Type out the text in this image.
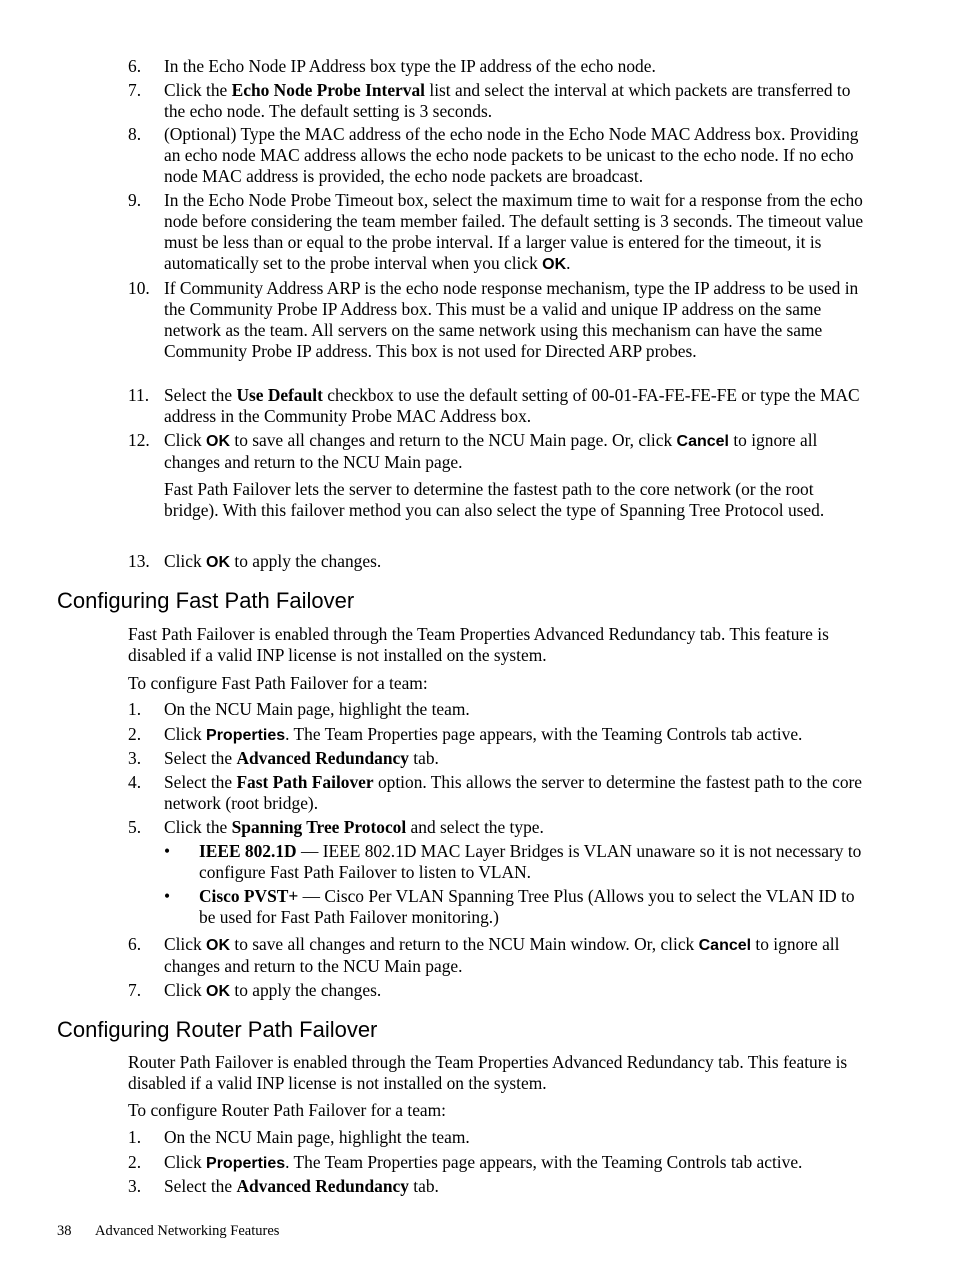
6.	In the Echo Node IP Address box type the IP address of the echo node.
7.	Click the Echo Node Probe Interval list and select the interval at which packets are transferred to the echo node. The default setting is 3 seconds.
8.	(Optional) Type the MAC address of the echo node in the Echo Node MAC Address box. Providing an echo node MAC address allows the echo node packets to be unicast to the echo node. If no echo node MAC address is provided, the echo node packets are broadcast.
9.	In the Echo Node Probe Timeout box, select the maximum time to wait for a response from the echo node before considering the team member failed. The default setting is 3 seconds. The timeout value must be less than or equal to the probe interval. If a larger value is entered for the timeout, it is automatically set to the probe interval when you click OK.
10. If Community Address ARP is the echo node response mechanism, type the IP address to be used in the Community Probe IP Address box. This must be a valid and unique IP address on the same network as the team. All servers on the same network using this mechanism can have the same Community Probe IP address. This box is not used for Directed ARP probes.
11. Select the Use Default checkbox to use the default setting of 00-01-FA-FE-FE-FE or type the MAC address in the Community Probe MAC Address box.
12. Click OK to save all changes and return to the NCU Main page. Or, click Cancel to ignore all changes and return to the NCU Main page.

Fast Path Failover lets the server to determine the fastest path to the core network (or the root bridge). With this failover method you can also select the type of Spanning Tree Protocol used.

13. Click OK to apply the changes.
Configuring Fast Path Failover

Fast Path Failover is enabled through the Team Properties Advanced Redundancy tab. This feature is disabled if a valid INP license is not installed on the system.

To configure Fast Path Failover for a team:

1.	On the NCU Main page, highlight the team.
2.	Click Properties. The Team Properties page appears, with the Teaming Controls tab active.
3.	Select the Advanced Redundancy tab.
4.	Select the Fast Path Failover option. This allows the server to determine the fastest path to the core network (root bridge).
5.	Click the Spanning Tree Protocol and select the type.
• IEEE 802.1D — IEEE 802.1D MAC Layer Bridges is VLAN unaware so it is not necessary to configure Fast Path Failover to listen to VLAN.
• Cisco PVST+ — Cisco Per VLAN Spanning Tree Plus (Allows you to select the VLAN ID to be used for Fast Path Failover monitoring.)
6.	Click OK to save all changes and return to the NCU Main window. Or, click Cancel to ignore all changes and return to the NCU Main page.
7.	Click OK to apply the changes.
Configuring Router Path Failover

Router Path Failover is enabled through the Team Properties Advanced Redundancy tab. This feature is disabled if a valid INP license is not installed on the system.

To configure Router Path Failover for a team:

1.	On the NCU Main page, highlight the team.
2.	Click Properties. The Team Properties page appears, with the Teaming Controls tab active.
3.	Select the Advanced Redundancy tab.
38 Advanced Networking Features
